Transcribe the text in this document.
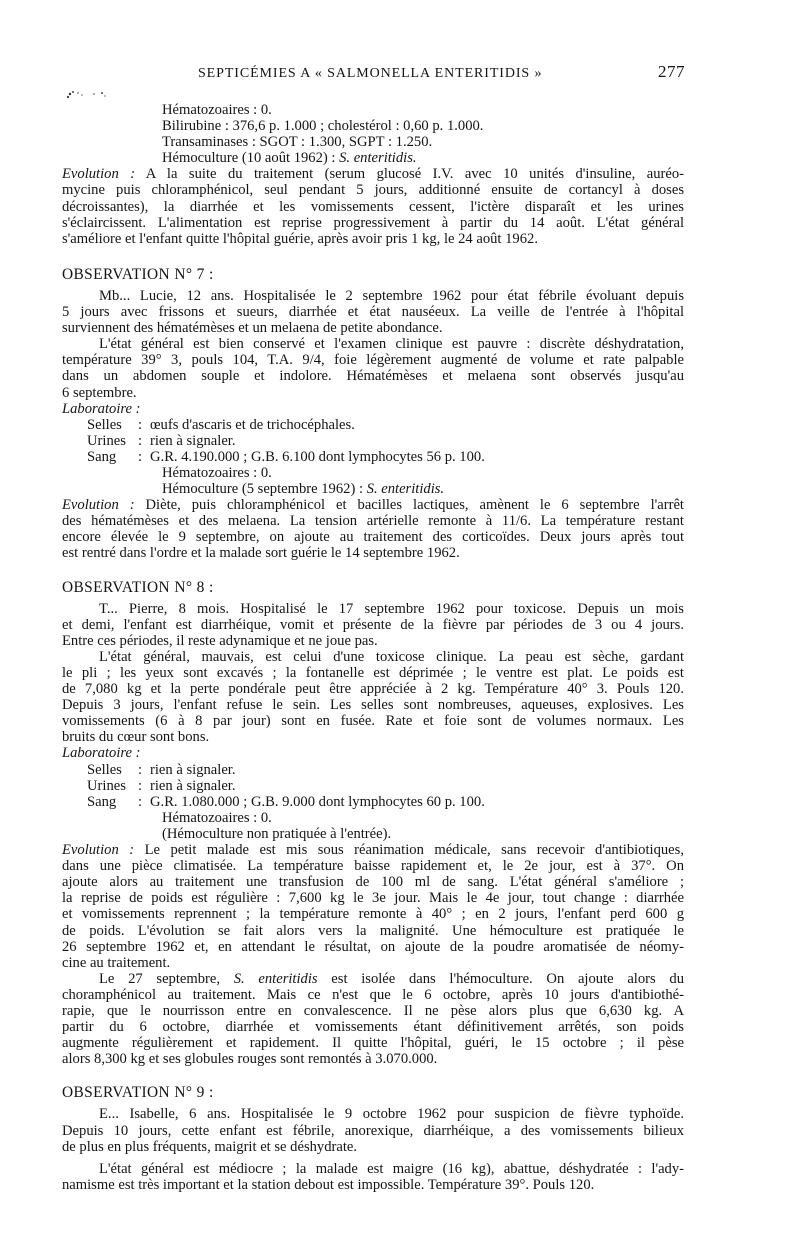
SEPTICÉMIES A « SALMONELLA ENTERITIDIS »	277
Hématozoaires : 0.
Bilirubine : 376,6 p. 1.000 ; cholestérol : 0,60 p. 1.000.
Transaminases : SGOT : 1.300, SGPT : 1.250.
Hémoculture (10 août 1962) : S. enteritidis.
Evolution : A la suite du traitement (serum glucosé I.V. avec 10 unités d'insuline, auréo-
mycine puis chloramphénicol, seul pendant 5 jours, additionné ensuite de cortancyl à doses
décroissantes), la diarrhée et les vomissements cessent, l'ictère disparaît et les urines
s'éclaircissent. L'alimentation est reprise progressivement à partir du 14 août. L'état général
s'améliore et l'enfant quitte l'hôpital guérie, après avoir pris 1 kg, le 24 août 1962.
OBSERVATION N° 7 :
Mb... Lucie, 12 ans. Hospitalisée le 2 septembre 1962 pour état fébrile évoluant depuis
5 jours avec frissons et sueurs, diarrhée et état nauséeux. La veille de l'entrée à l'hôpital
surviennent des hématémèses et un melaena de petite abondance.
L'état général est bien conservé et l'examen clinique est pauvre : discrète déshydratation,
température 39° 3, pouls 104, T.A. 9/4, foie légèrement augmenté de volume et rate palpable
dans un abdomen souple et indolore. Hématémèses et melaena sont observés jusqu'au
6 septembre.
Laboratoire :
Selles	: œufs d'ascaris et de trichocéphales.
Urines : rien à signaler.
Sang	: G.R. 4.190.000 ; G.B. 6.100 dont lymphocytes 56 p. 100.
Hématozoaires : 0.
Hémoculture (5 septembre 1962) : S. enteritidis.
Evolution : Diète, puis chloramphénicol et bacilles lactiques, amènent le 6 septembre l'arrêt
des hématémèses et des melaena. La tension artérielle remonte à 11/6. La température restant
encore élevée le 9 septembre, on ajoute au traitement des corticoïdes. Deux jours après tout
est rentré dans l'ordre et la malade sort guérie le 14 septembre 1962.
OBSERVATION N° 8 :
T... Pierre, 8 mois. Hospitalisé le 17 septembre 1962 pour toxicose. Depuis un mois
et demi, l'enfant est diarrhéique, vomit et présente de la fièvre par périodes de 3 ou 4 jours.
Entre ces périodes, il reste adynamique et ne joue pas.
L'état général, mauvais, est celui d'une toxicose clinique. La peau est sèche, gardant
le pli ; les yeux sont excavés ; la fontanelle est déprimée ; le ventre est plat. Le poids est
de 7,080 kg et la perte pondérale peut être appréciée à 2 kg. Température 40° 3. Pouls 120.
Depuis 3 jours, l'enfant refuse le sein. Les selles sont nombreuses, aqueuses, explosives. Les
vomissements (6 à 8 par jour) sont en fusée. Rate et foie sont de volumes normaux. Les
bruits du cœur sont bons.
Laboratoire :
Selles	: rien à signaler.
Urines : rien à signaler.
Sang	: G.R. 1.080.000 ; G.B. 9.000 dont lymphocytes 60 p. 100.
Hématozoaires : 0.
(Hémoculture non pratiquée à l'entrée).
Evolution : Le petit malade est mis sous réanimation médicale, sans recevoir d'antibiotiques,
dans une pièce climatisée. La température baisse rapidement et, le 2e jour, est à 37°. On
ajoute alors au traitement une transfusion de 100 ml de sang. L'état général s'améliore ;
la reprise de poids est régulière : 7,600 kg le 3e jour. Mais le 4e jour, tout change : diarrhée
et vomissements reprennent ; la température remonte à 40° ; en 2 jours, l'enfant perd 600 g
de poids. L'évolution se fait alors vers la malignité. Une hémoculture est pratiquée le
26 septembre 1962 et, en attendant le résultat, on ajoute de la poudre aromatisée de néomy-
cine au traitement.
Le 27 septembre, S. enteritidis est isolée dans l'hémoculture. On ajoute alors du
choramphénicol au traitement. Mais ce n'est que le 6 octobre, après 10 jours d'antibiothé-
rapie, que le nourrisson entre en convalescence. Il ne pèse alors plus que 6,630 kg. A
partir du 6 octobre, diarrhée et vomissements étant définitivement arrêtés, son poids
augmente régulièrement et rapidement. Il quitte l'hôpital, guéri, le 15 octobre ; il pèse
alors 8,300 kg et ses globules rouges sont remontés à 3.070.000.
OBSERVATION N° 9 :
E... Isabelle, 6 ans. Hospitalisée le 9 octobre 1962 pour suspicion de fièvre typhoïde.
Depuis 10 jours, cette enfant est fébrile, anorexique, diarrhéique, a des vomissements bilieux
de plus en plus fréquents, maigrit et se déshydrate.
L'état général est médiocre ; la malade est maigre (16 kg), abattue, déshydratée : l'ady-
namisme est très important et la station debout est impossible. Température 39°. Pouls 120.
